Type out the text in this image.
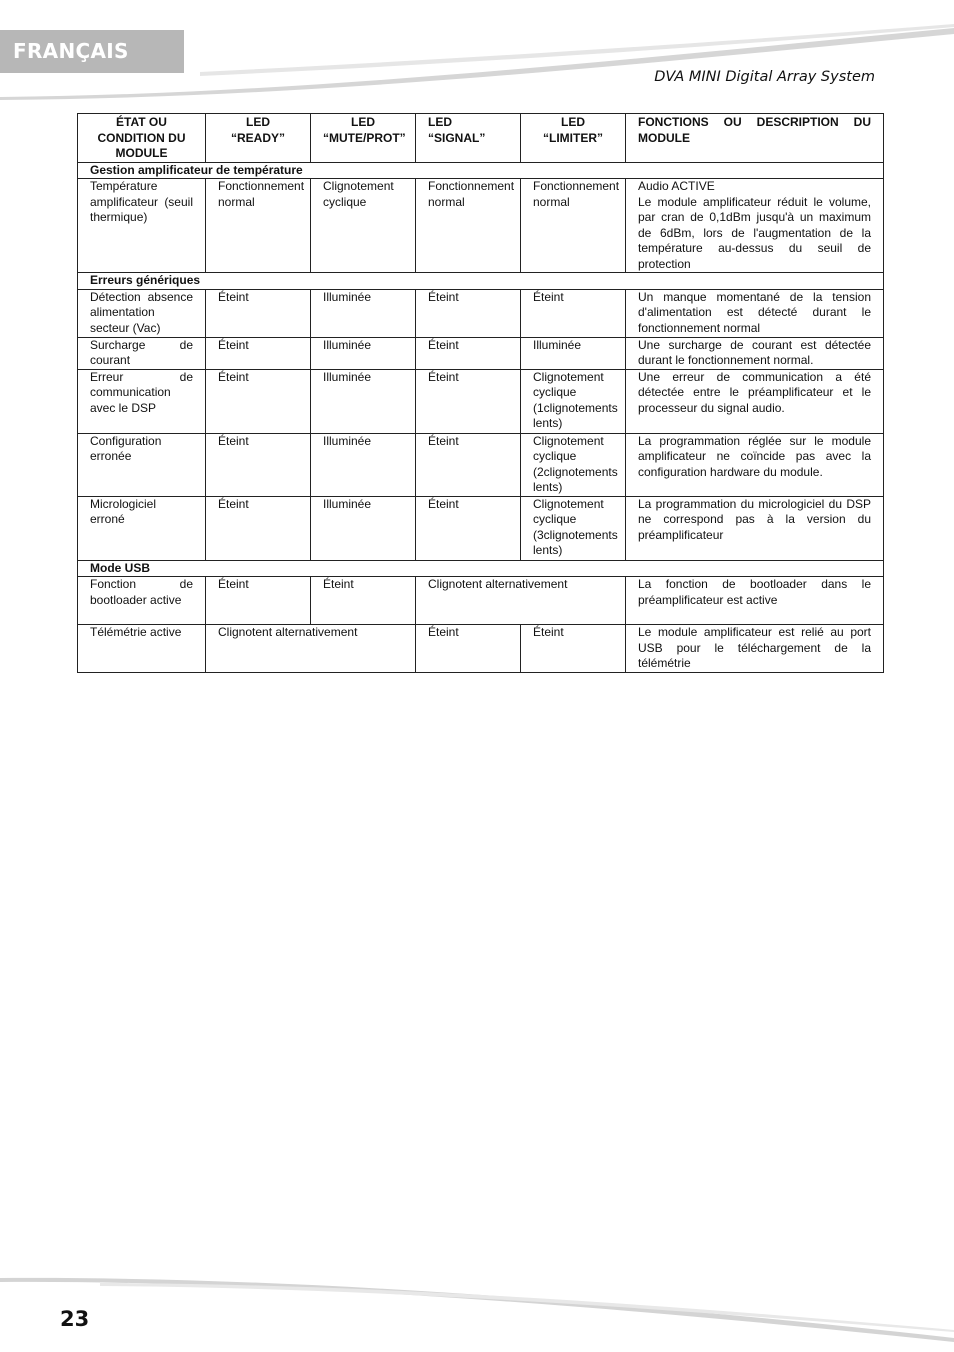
FRANÇAIS
DVA MINI Digital Array System
ÉTAT OU CONDITION DU MODULE	LED “READY”	LED “MUTE/PROT”	LED “SIGNAL”	LED “LIMITER”	FONCTIONS OU DESCRIPTION DU MODULE
Gestion amplificateur de température					
Température amplificateur (seuil thermique)	Fonctionnement normal	Clignotement cyclique	Fonctionnement normal	Fonctionnement normal	Audio ACTIVE
Le module amplificateur réduit le volume, par cran de 0,1dBm jusqu'à un maximum de 6dBm, lors de l'augmentation de la température au-dessus du seuil de protection

Erreurs génériques					
Détection absence alimentation secteur (Vac)	Éteint	Illuminée	Éteint	Éteint	Un manque momentané de la tension d'alimentation est détecté durant le fonctionnement normal
Surcharge de courant	Éteint	Illuminée	Éteint	Illuminée	Une surcharge de courant est détectée durant le fonctionnement normal.
Erreur de communication avec le DSP	Éteint	Illuminée	Éteint	Clignotement cyclique (1clignotements lents)	Une erreur de communication a été détectée entre le préamplificateur et le processeur du signal audio.
Configuration erronée	Éteint	Illuminée	Éteint	Clignotement cyclique (2clignotements lents)	La programmation réglée sur le module amplificateur ne coïncide pas avec la configuration hardware du module.
Micrologiciel erroné	Éteint	Illuminée	Éteint	Clignotement cyclique (3clignotements lents)	La programmation du micrologiciel du DSP ne correspond pas à la version du préamplificateur
Mode USB					
Fonction de bootloader active	Éteint	Éteint	Clignotent alternativement		La fonction de bootloader dans le préamplificateur est active
Télémétrie active	Clignotent alternativement		Éteint	Éteint	Le module amplificateur est relié au port USB pour le téléchargement de la télémétrie
23
